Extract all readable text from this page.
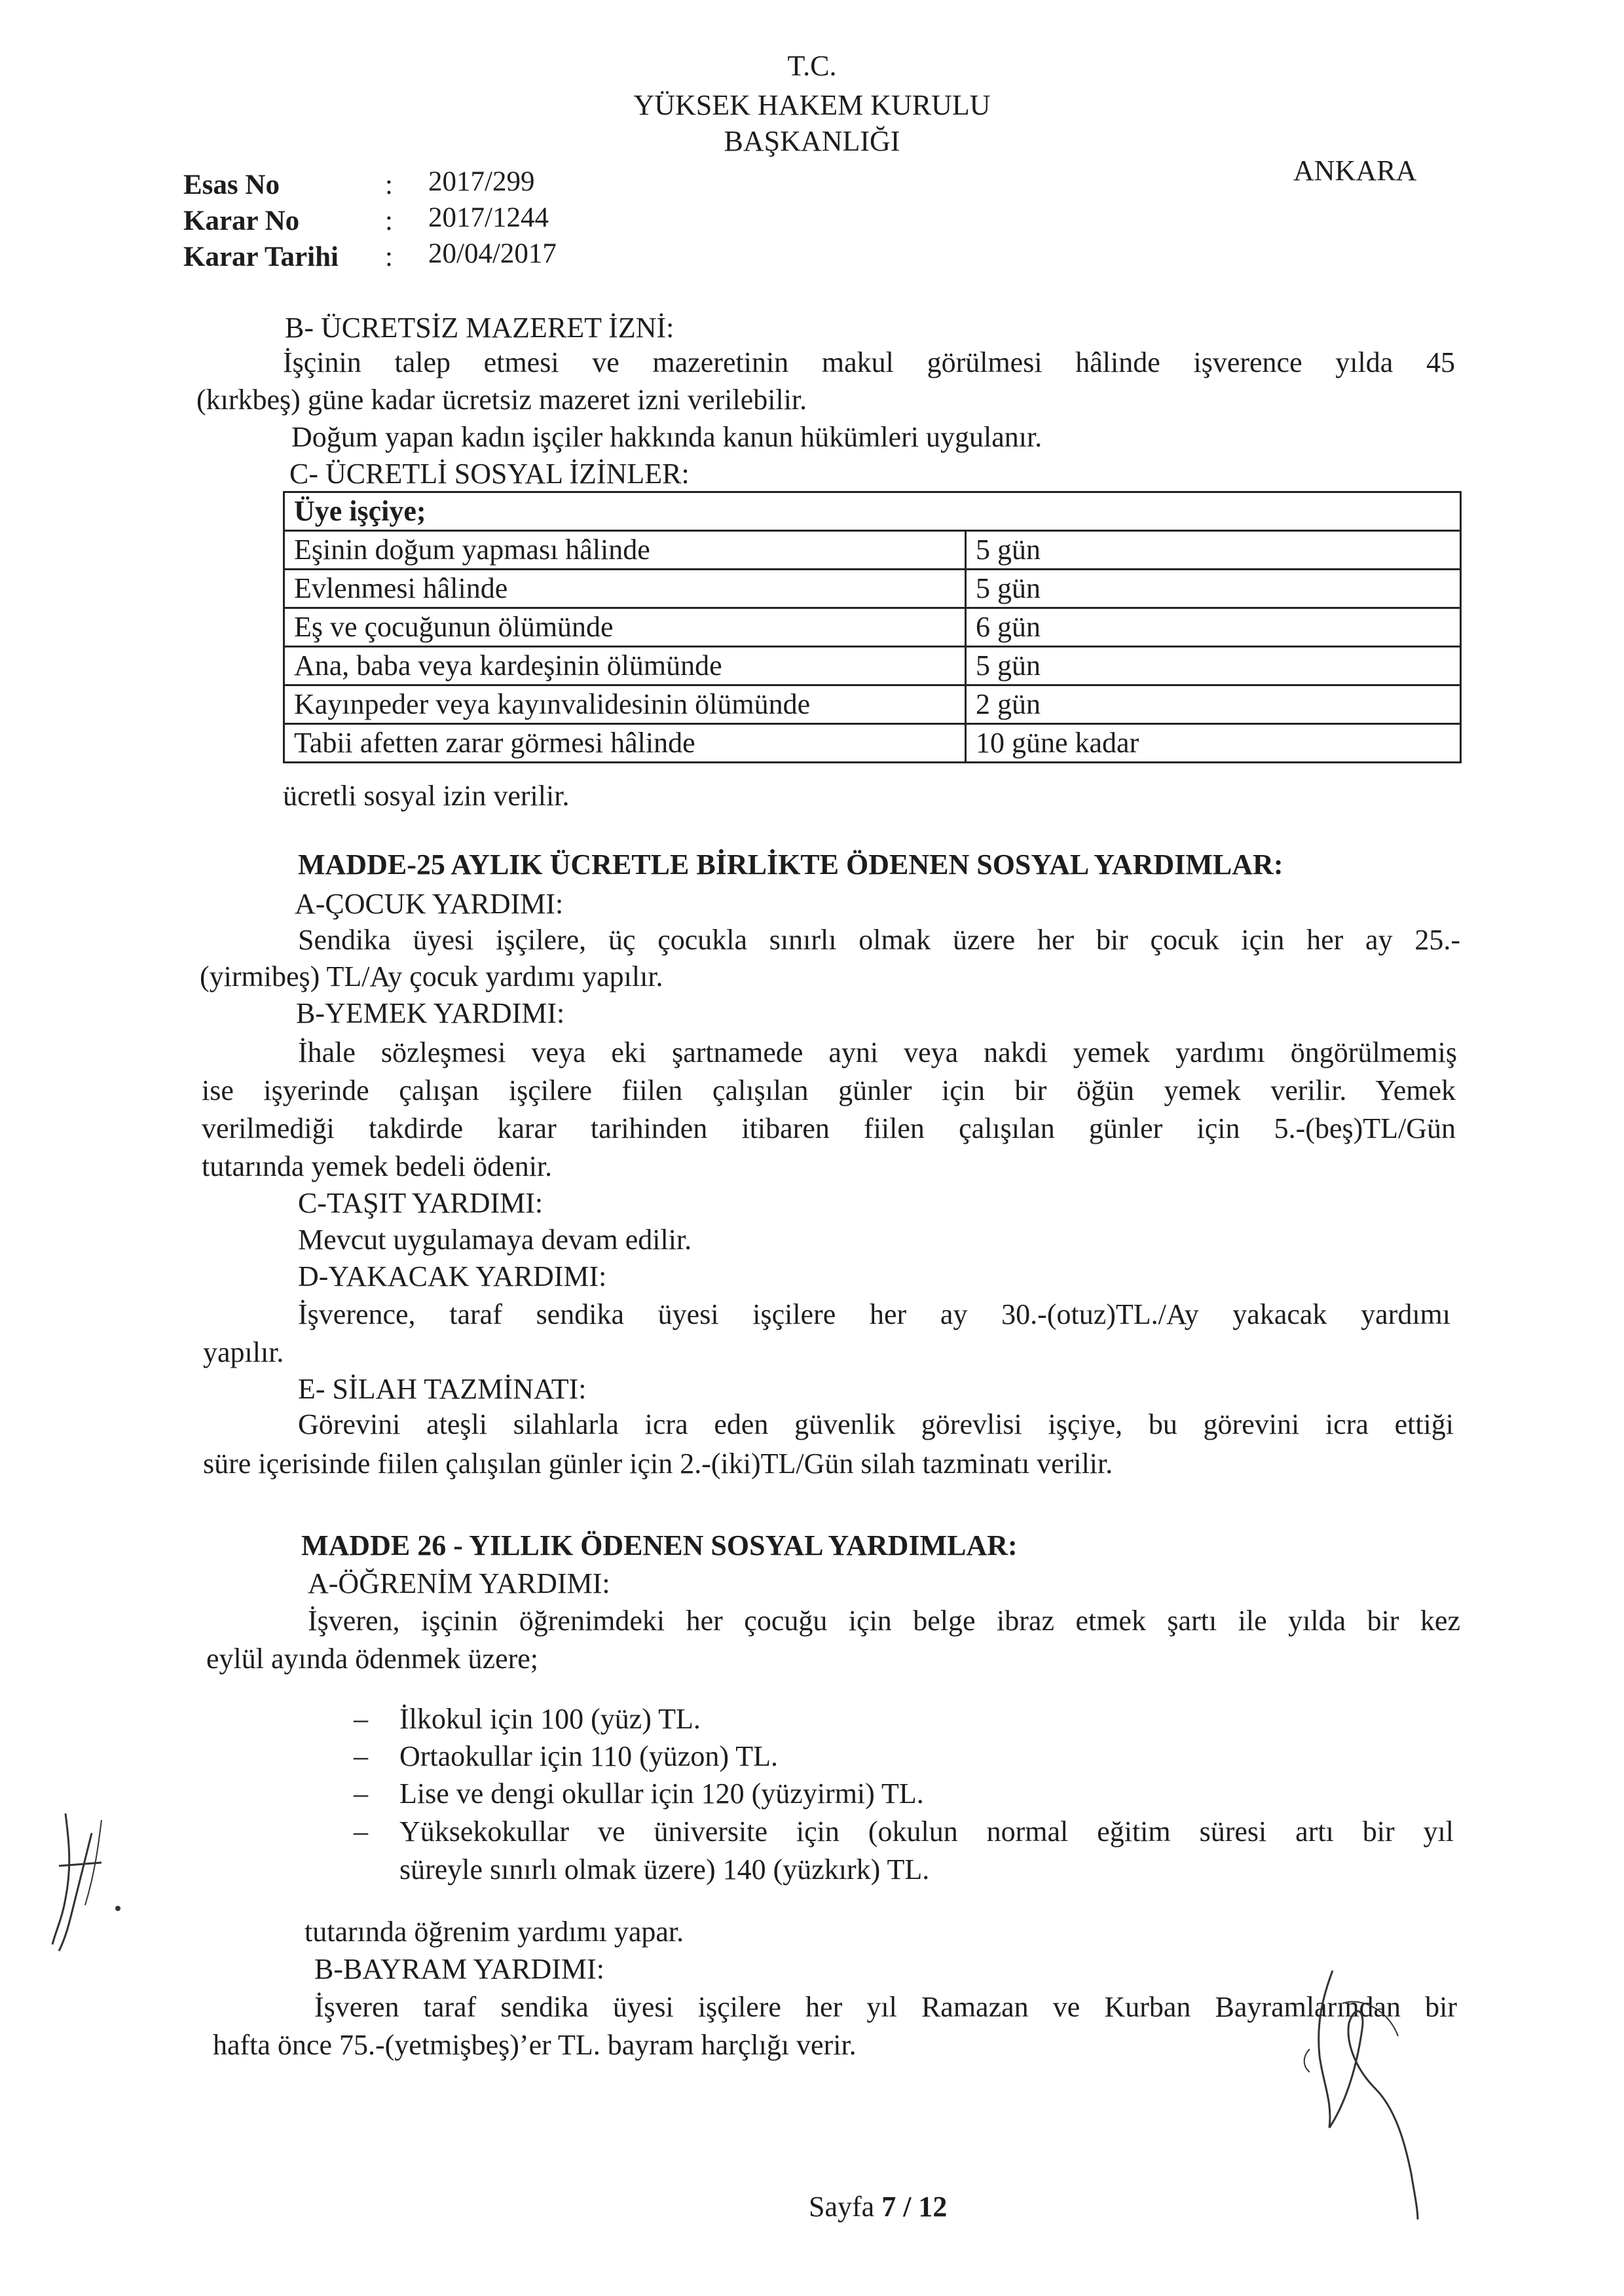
T.C.
YÜKSEK HAKEM KURULU
BAŞKANLIĞI
ANKARA
Esas No	: 2017/299
Karar No	: 2017/1244
Karar Tarihi : 20/04/2017
B- ÜCRETSİZ MAZERET İZNİ:
İşçinin talep etmesi ve mazeretinin makul görülmesi hâlinde işverence yılda 45
(kırkbeş) güne kadar ücretsiz mazeret izni verilebilir.
Doğum yapan kadın işçiler hakkında kanun hükümleri uygulanır.
C- ÜCRETLİ SOSYAL İZİNLER:
Üye işçiye;	
Eşinin doğum yapması hâlinde	5 gün
Evlenmesi hâlinde	5 gün
Eş ve çocuğunun ölümünde	6 gün
Ana, baba veya kardeşinin ölümünde	5 gün
Kayınpeder veya kayınvalidesinin ölümünde	2 gün
Tabii afetten zarar görmesi hâlinde	10 güne kadar
ücretli sosyal izin verilir.
MADDE-25 AYLIK ÜCRETLE BİRLİKTE ÖDENEN SOSYAL YARDIMLAR:
A-ÇOCUK YARDIMI:
Sendika üyesi işçilere, üç çocukla sınırlı olmak üzere her bir çocuk için her ay 25.-
(yirmibeş) TL/Ay çocuk yardımı yapılır.
B-YEMEK YARDIMI:
İhale sözleşmesi veya eki şartnamede ayni veya nakdi yemek yardımı öngörülmemiş
ise işyerinde çalışan işçilere fiilen çalışılan günler için bir öğün yemek verilir. Yemek
verilmediği takdirde karar tarihinden itibaren fiilen çalışılan günler için 5.-(beş)TL/Gün
tutarında yemek bedeli ödenir.
C-TAŞIT YARDIMI:
Mevcut uygulamaya devam edilir.
D-YAKACAK YARDIMI:
İşverence, taraf sendika üyesi işçilere her ay 30.-(otuz)TL./Ay yakacak yardımı
yapılır.
E- SİLAH TAZMİNATI:
Görevini ateşli silahlarla icra eden güvenlik görevlisi işçiye, bu görevini icra ettiği
süre içerisinde fiilen çalışılan günler için 2.-(iki)TL/Gün silah tazminatı verilir.
MADDE 26 - YILLIK ÖDENEN SOSYAL YARDIMLAR:
A-ÖĞRENİM YARDIMI:
İşveren, işçinin öğrenimdeki her çocuğu için belge ibraz etmek şartı ile yılda bir kez
eylül ayında ödenmek üzere;
– İlkokul için 100 (yüz) TL.
– Ortaokullar için 110 (yüzon) TL.
– Lise ve dengi okullar için 120 (yüzyirmi) TL.
– Yüksekokullar ve üniversite için (okulun normal eğitim süresi artı bir yıl
süreyle sınırlı olmak üzere) 140 (yüzkırk) TL.
tutarında öğrenim yardımı yapar.
B-BAYRAM YARDIMI:
İşveren taraf sendika üyesi işçilere her yıl Ramazan ve Kurban Bayramlarından bir
hafta önce 75.-(yetmişbeş)’er TL. bayram harçlığı verir.
Sayfa 7 / 12
